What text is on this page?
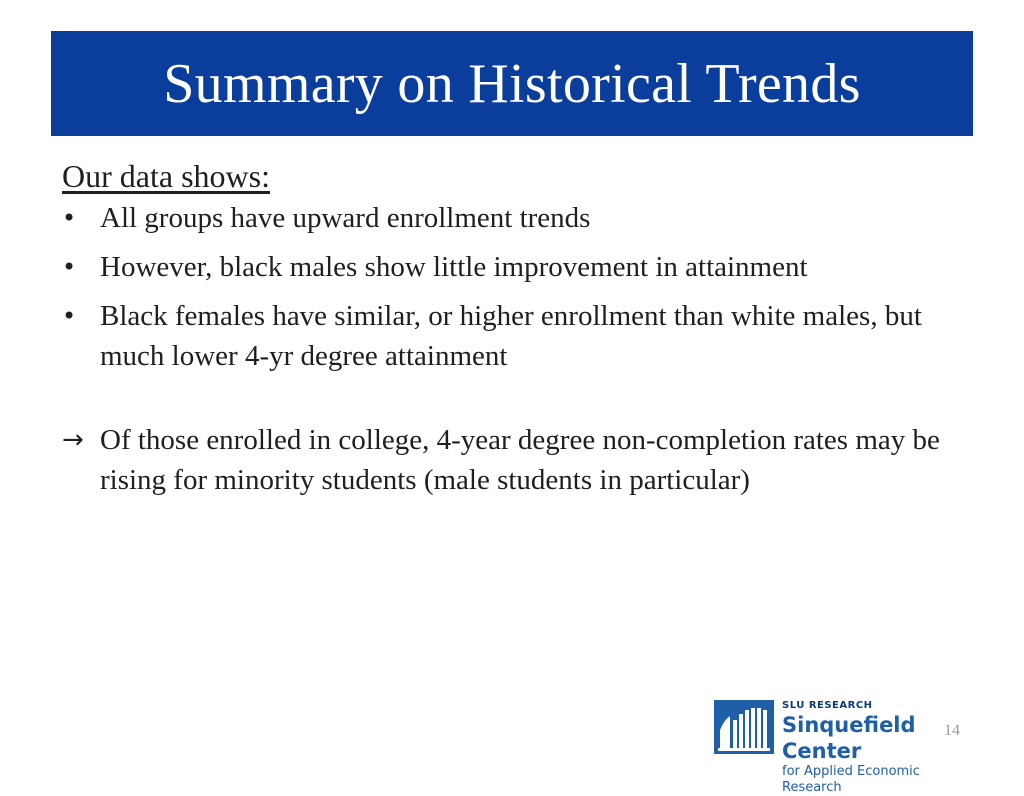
Summary on Historical Trends

Our data shows:

• All groups have upward enrollment trends
• However, black males show little improvement in attainment
• Black females have similar, or higher enrollment than white males, but much lower 4-yr degree attainment
→ Of those enrolled in college, 4-year degree non-completion rates may be rising for minority students (male students in particular)
SLU RESEARCH
Sinquefield Center
for Applied Economic Research
14
